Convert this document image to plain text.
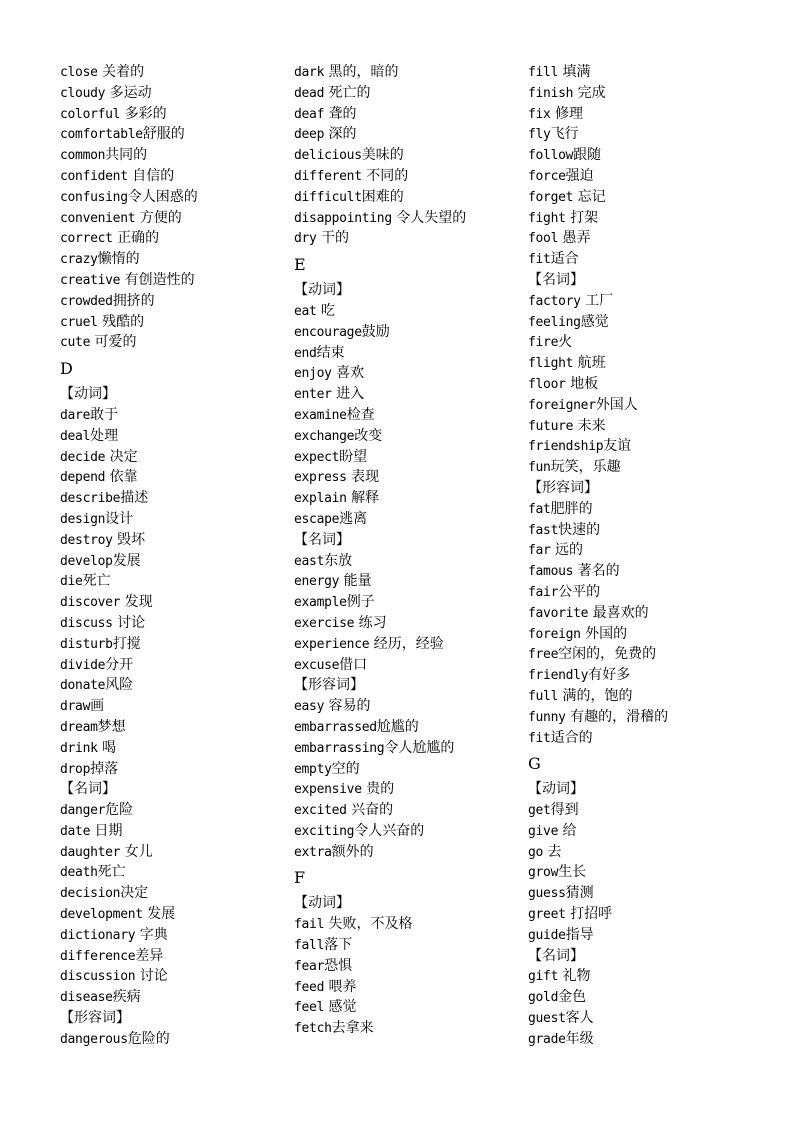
close 关着的
cloudy 多运动
colorful 多彩的
comfortable舒服的
common共同的
confident 自信的
confusing令人困惑的
convenient 方便的
correct 正确的
crazy懒惰的
creative 有创造性的
crowded拥挤的
cruel 残酷的
cute 可爱的
D
【动词】
dare敢于
deal处理
decide 决定
depend 依靠
describe描述
design设计
destroy 毁坏
develop发展
die死亡
discover 发现
discuss 讨论
disturb打搅
divide分开
donate风险
draw画
dream梦想
drink 喝
drop掉落
【名词】
danger危险
date 日期
daughter 女儿
death死亡
decision决定
development 发展
dictionary 字典
difference差异
discussion 讨论
disease疾病
【形容词】
dangerous危险的
dark 黑的，暗的
dead 死亡的
deaf 聋的
deep 深的
delicious美味的
different 不同的
difficult困难的
disappointing 令人失望的
dry 干的
E
【动词】
eat 吃
encourage鼓励
end结束
enjoy 喜欢
enter 进入
examine检查
exchange改变
expect盼望
express 表现
explain 解释
escape逃离
【名词】
east东放
energy 能量
example例子
exercise 练习
experience 经历，经验
excuse借口
【形容词】
easy 容易的
embarrassed尬尴的
embarrassing令人尬尴的
empty空的
expensive 贵的
excited 兴奋的
exciting令人兴奋的
extra额外的
F
【动词】
fail 失败，不及格
fall落下
fear恐惧
feed 喂养
feel 感觉
fetch去拿来
fill 填满
finish 完成
fix 修理
fly飞行
follow跟随
force强迫
forget 忘记
fight 打架
fool 愚弄
fit适合
【名词】
factory 工厂
feeling感觉
fire火
flight 航班
floor 地板
foreigner外国人
future 未来
friendship友谊
fun玩笑，乐趣
【形容词】
fat肥胖的
fast快速的
far 远的
famous 著名的
fair公平的
favorite 最喜欢的
foreign 外国的
free空闲的，免费的
friendly有好多
full 满的，饱的
funny 有趣的，滑稽的
fit适合的
G
【动词】
get得到
give 给
go 去
grow生长
guess猜测
greet 打招呼
guide指导
【名词】
gift 礼物
gold金色
guest客人
grade年级
